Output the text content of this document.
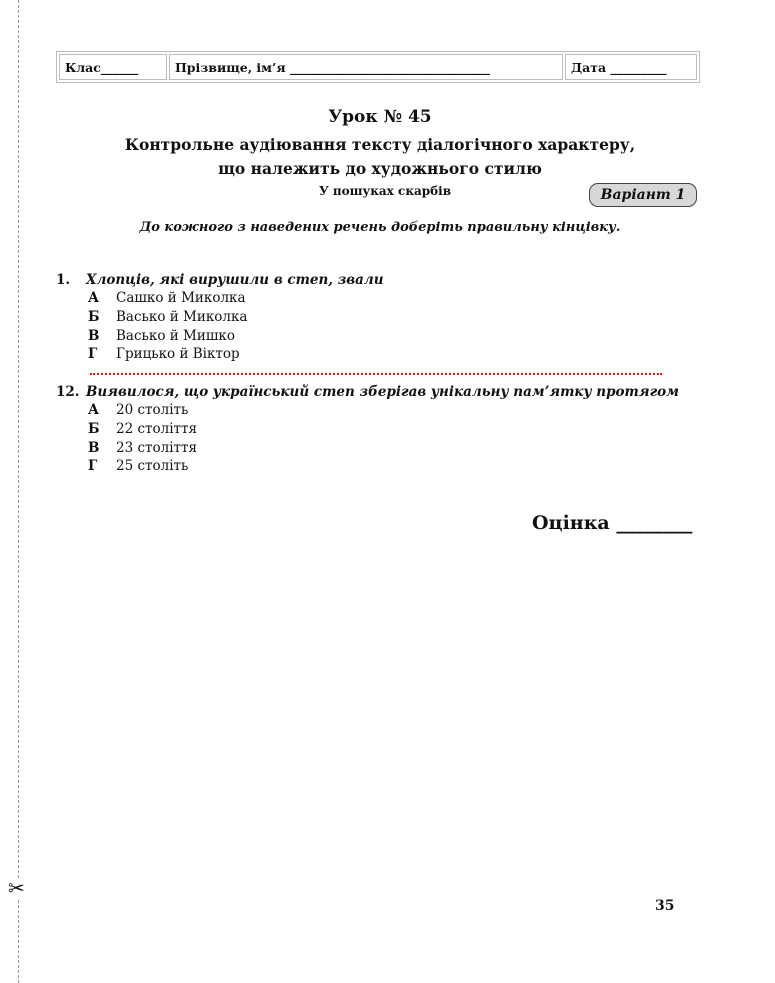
✂
Клас______	Прізвище, ім’я ________________________________	Дата _________
Урок № 45
Контрольне аудіювання тексту діалогічного характеру,
що належить до художнього стилю
У пошуках скарбів	Варіант 1
До кожного з наведених речень доберіть правильну кінцівку.
1.	Хлопців, які вирушили в степ, звали
А	Сашко й Миколка
Б	Васько й Миколка
В	Васько й Мишко
Г	Грицько й Віктор
12. Виявилося, що український степ зберігав унікальну пам’ятку протягом
А	20 століть
Б	22 століття
В	23 століття
Г	25 століть
Оцінка ________
35
